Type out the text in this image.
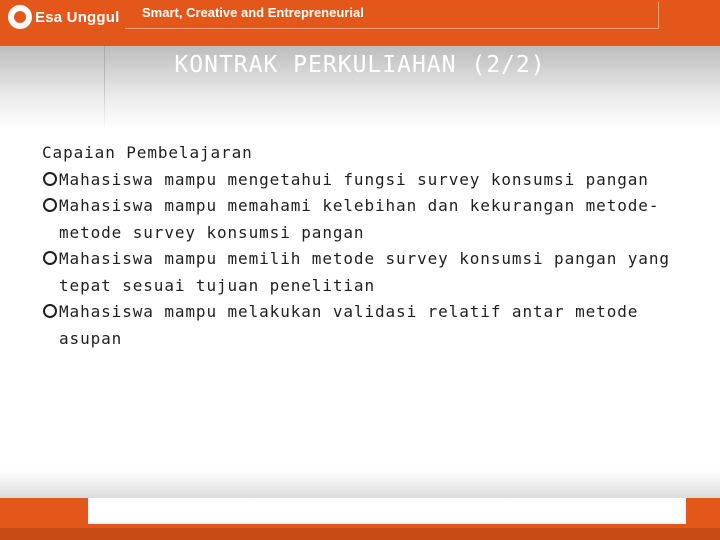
Esa Unggul Smart, Creative and Entrepreneurial
KONTRAK PERKULIAHAN (2/2)
Capaian Pembelajaran
Mahasiswa mampu mengetahui fungsi survey konsumsi pangan
Mahasiswa mampu memahami kelebihan dan kekurangan metode-metode survey konsumsi pangan
Mahasiswa mampu memilih metode survey konsumsi pangan yang tepat sesuai tujuan penelitian
Mahasiswa mampu melakukan validasi relatif antar metode asupan
